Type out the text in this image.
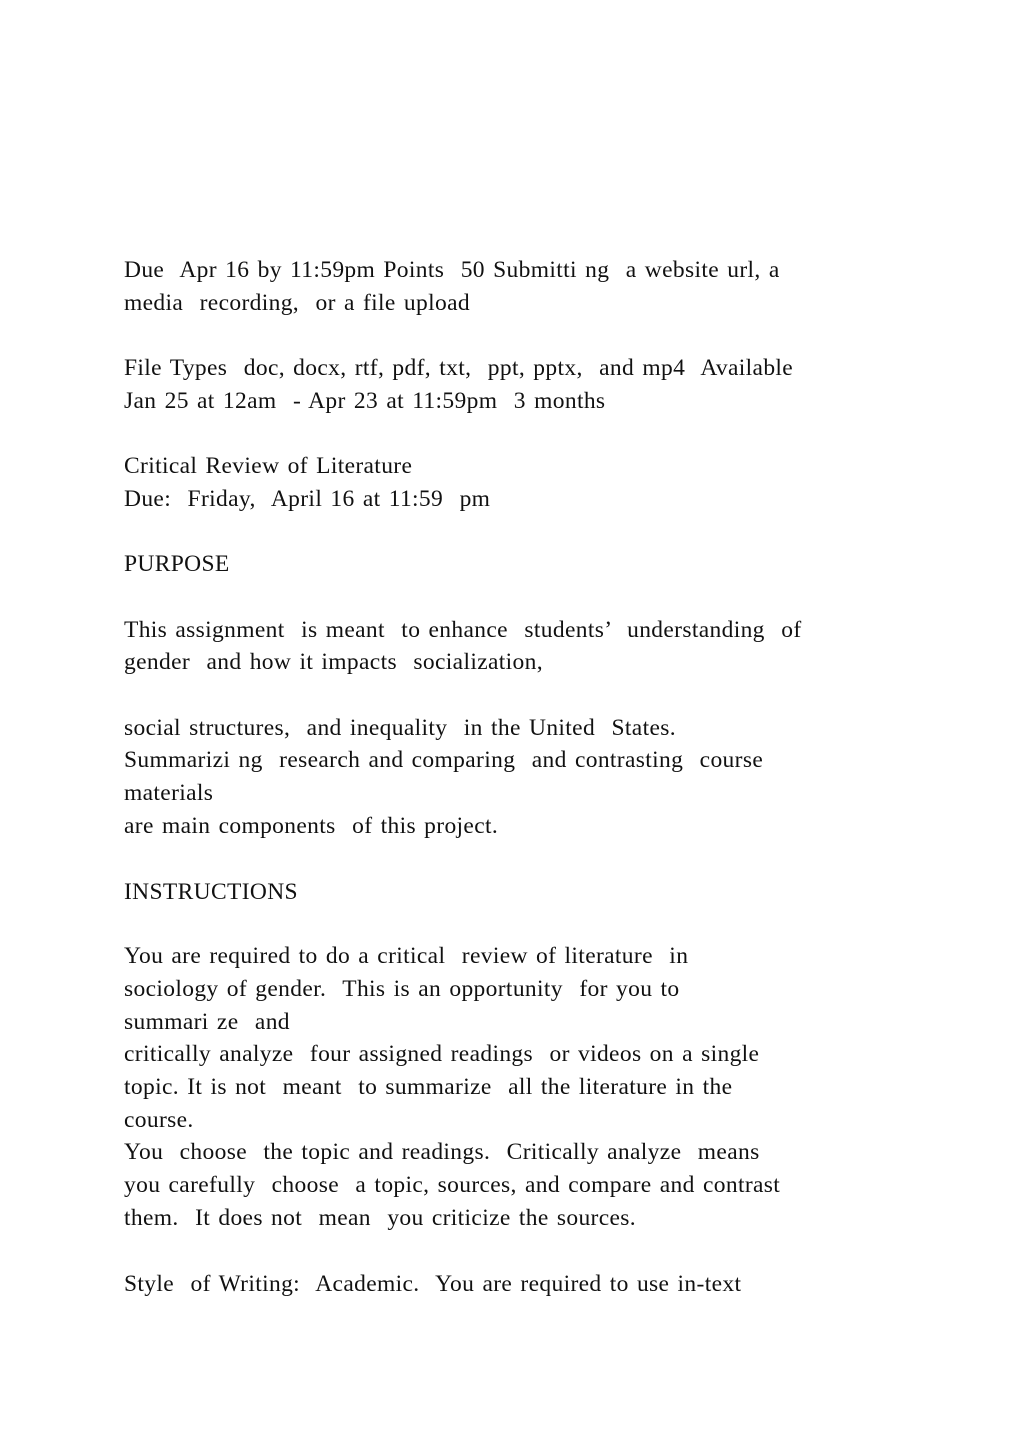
Due  Apr 16 by 11:59pm Points  50 Submitti ng  a website url, a
media  recording,  or a file upload
File Types  doc, docx, rtf, pdf, txt,  ppt, pptx,  and mp4  Available
Jan 25 at 12am  - Apr 23 at 11:59pm  3 months
Critical Review of Literature
Due:  Friday,  April 16 at 11:59  pm
PURPOSE
This assignment  is meant  to enhance  students’  understanding  of
gender  and how it impacts  socialization,
social structures,  and inequality  in the United  States.
Summarizi ng  research and comparing  and contrasting  course
materials
are main components  of this project.
INSTRUCTIONS
You are required to do a critical  review of literature  in
sociology of gender.  This is an opportunity  for you to
summari ze  and
critically analyze  four assigned readings  or videos on a single
topic. It is not  meant  to summarize  all the literature in the
course.
You  choose  the topic and readings.  Critically analyze  means
you carefully  choose  a topic, sources, and compare and contrast
them.  It does not  mean  you criticize the sources.
Style  of Writing:  Academic.  You are required to use in-text
